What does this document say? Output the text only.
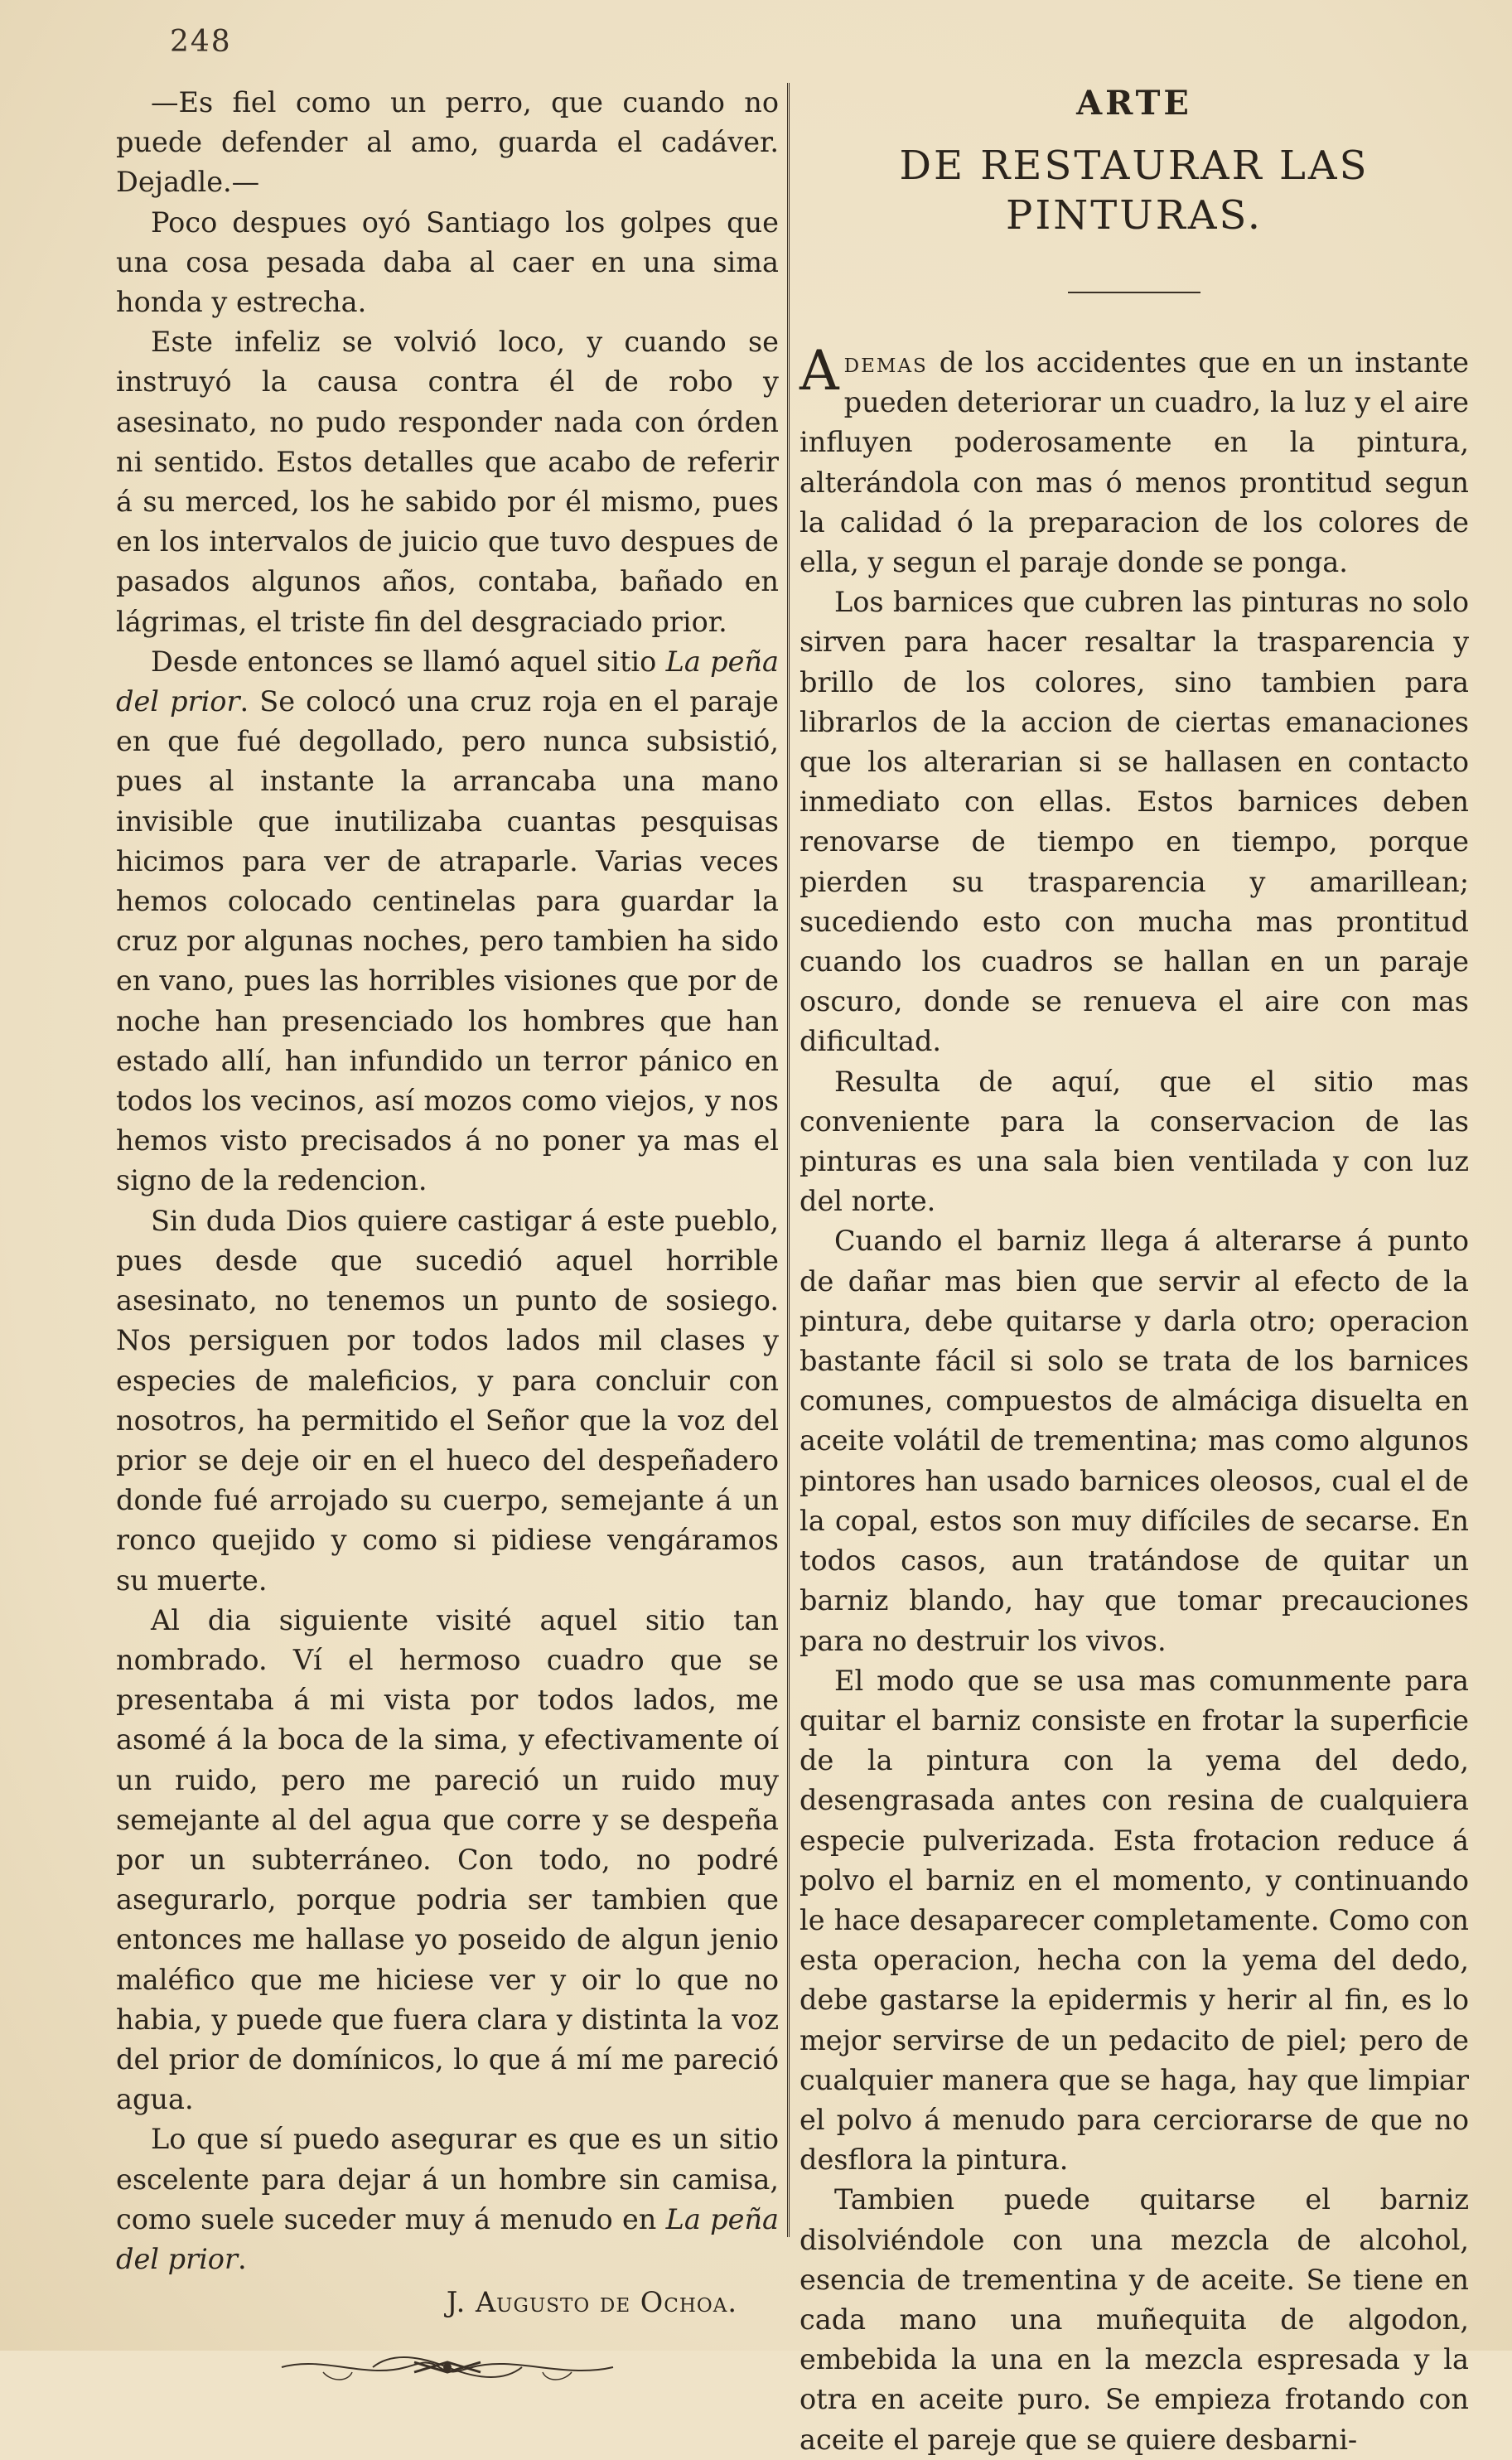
248

—Es fiel como un perro, que cuando no puede defender al amo, guarda el cadáver. Dejadle.—

Poco despues oyó Santiago los golpes que una cosa pesada daba al caer en una sima honda y estrecha.

Este infeliz se volvió loco, y cuando se instruyó la causa contra él de robo y asesinato, no pudo responder nada con órden ni sentido. Estos detalles que acabo de referir á su merced, los he sabido por él mismo, pues en los intervalos de juicio que tuvo despues de pasados algunos años, contaba, bañado en lágrimas, el triste fin del desgraciado prior.

Desde entonces se llamó aquel sitio La peña del prior. Se colocó una cruz roja en el paraje en que fué degollado, pero nunca subsistió, pues al instante la arrancaba una mano invisible que inutilizaba cuantas pesquisas hicimos para ver de atraparle. Varias veces hemos colocado centinelas para guardar la cruz por algunas noches, pero tambien ha sido en vano, pues las horribles visiones que por de noche han presenciado los hombres que han estado allí, han infundido un terror pánico en todos los vecinos, así mozos como viejos, y nos hemos visto precisados á no poner ya mas el signo de la redencion.

Sin duda Dios quiere castigar á este pueblo, pues desde que sucedió aquel horrible asesinato, no tenemos un punto de sosiego. Nos persiguen por todos lados mil clases y especies de maleficios, y para concluir con nosotros, ha permitido el Señor que la voz del prior se deje oir en el hueco del despeñadero donde fué arrojado su cuerpo, semejante á un ronco quejido y como si pidiese vengáramos su muerte.

Al dia siguiente visité aquel sitio tan nombrado. Ví el hermoso cuadro que se presentaba á mi vista por todos lados, me asomé á la boca de la sima, y efectivamente oí un ruido, pero me pareció un ruido muy semejante al del agua que corre y se despeña por un subterráneo. Con todo, no podré asegurarlo, porque podria ser tambien que entonces me hallase yo poseido de algun jenio maléfico que me hiciese ver y oir lo que no habia, y puede que fuera clara y distinta la voz del prior de domínicos, lo que á mí me pareció agua.

Lo que sí puedo asegurar es que es un sitio escelente para dejar á un hombre sin camisa, como suele suceder muy á menudo en La peña del prior.

J. Augusto de Ochoa.
ARTE
DE RESTAURAR LAS PINTURAS.

Ademas de los accidentes que en un instante pueden deteriorar un cuadro, la luz y el aire influyen poderosamente en la pintura, alterándola con mas ó menos prontitud segun la calidad ó la preparacion de los colores de ella, y segun el paraje donde se ponga.

Los barnices que cubren las pinturas no solo sirven para hacer resaltar la trasparencia y brillo de los colores, sino tambien para librarlos de la accion de ciertas emanaciones que los alterarian si se hallasen en contacto inmediato con ellas. Estos barnices deben renovarse de tiempo en tiempo, porque pierden su trasparencia y amarillean; sucediendo esto con mucha mas prontitud cuando los cuadros se hallan en un paraje oscuro, donde se renueva el aire con mas dificultad.

Resulta de aquí, que el sitio mas conveniente para la conservacion de las pinturas es una sala bien ventilada y con luz del norte.

Cuando el barniz llega á alterarse á punto de dañar mas bien que servir al efecto de la pintura, debe quitarse y darla otro; operacion bastante fácil si solo se trata de los barnices comunes, compuestos de almáciga disuelta en aceite volátil de trementina; mas como algunos pintores han usado barnices oleosos, cual el de la copal, estos son muy difíciles de secarse. En todos casos, aun tratándose de quitar un barniz blando, hay que tomar precauciones para no destruir los vivos.

El modo que se usa mas comunmente para quitar el barniz consiste en frotar la superficie de la pintura con la yema del dedo, desengrasada antes con resina de cualquiera especie pulverizada. Esta frotacion reduce á polvo el barniz en el momento, y continuando le hace desaparecer completamente. Como con esta operacion, hecha con la yema del dedo, debe gastarse la epidermis y herir al fin, es lo mejor servirse de un pedacito de piel; pero de cualquier manera que se haga, hay que limpiar el polvo á menudo para cerciorarse de que no desflora la pintura.

Tambien puede quitarse el barniz disolviéndole con una mezcla de alcohol, esencia de trementina y de aceite. Se tiene en cada mano una muñequita de algodon, embebida la una en la mezcla espresada y la otra en aceite puro. Se empieza frotando con aceite el pareje que se quiere desbarni-
